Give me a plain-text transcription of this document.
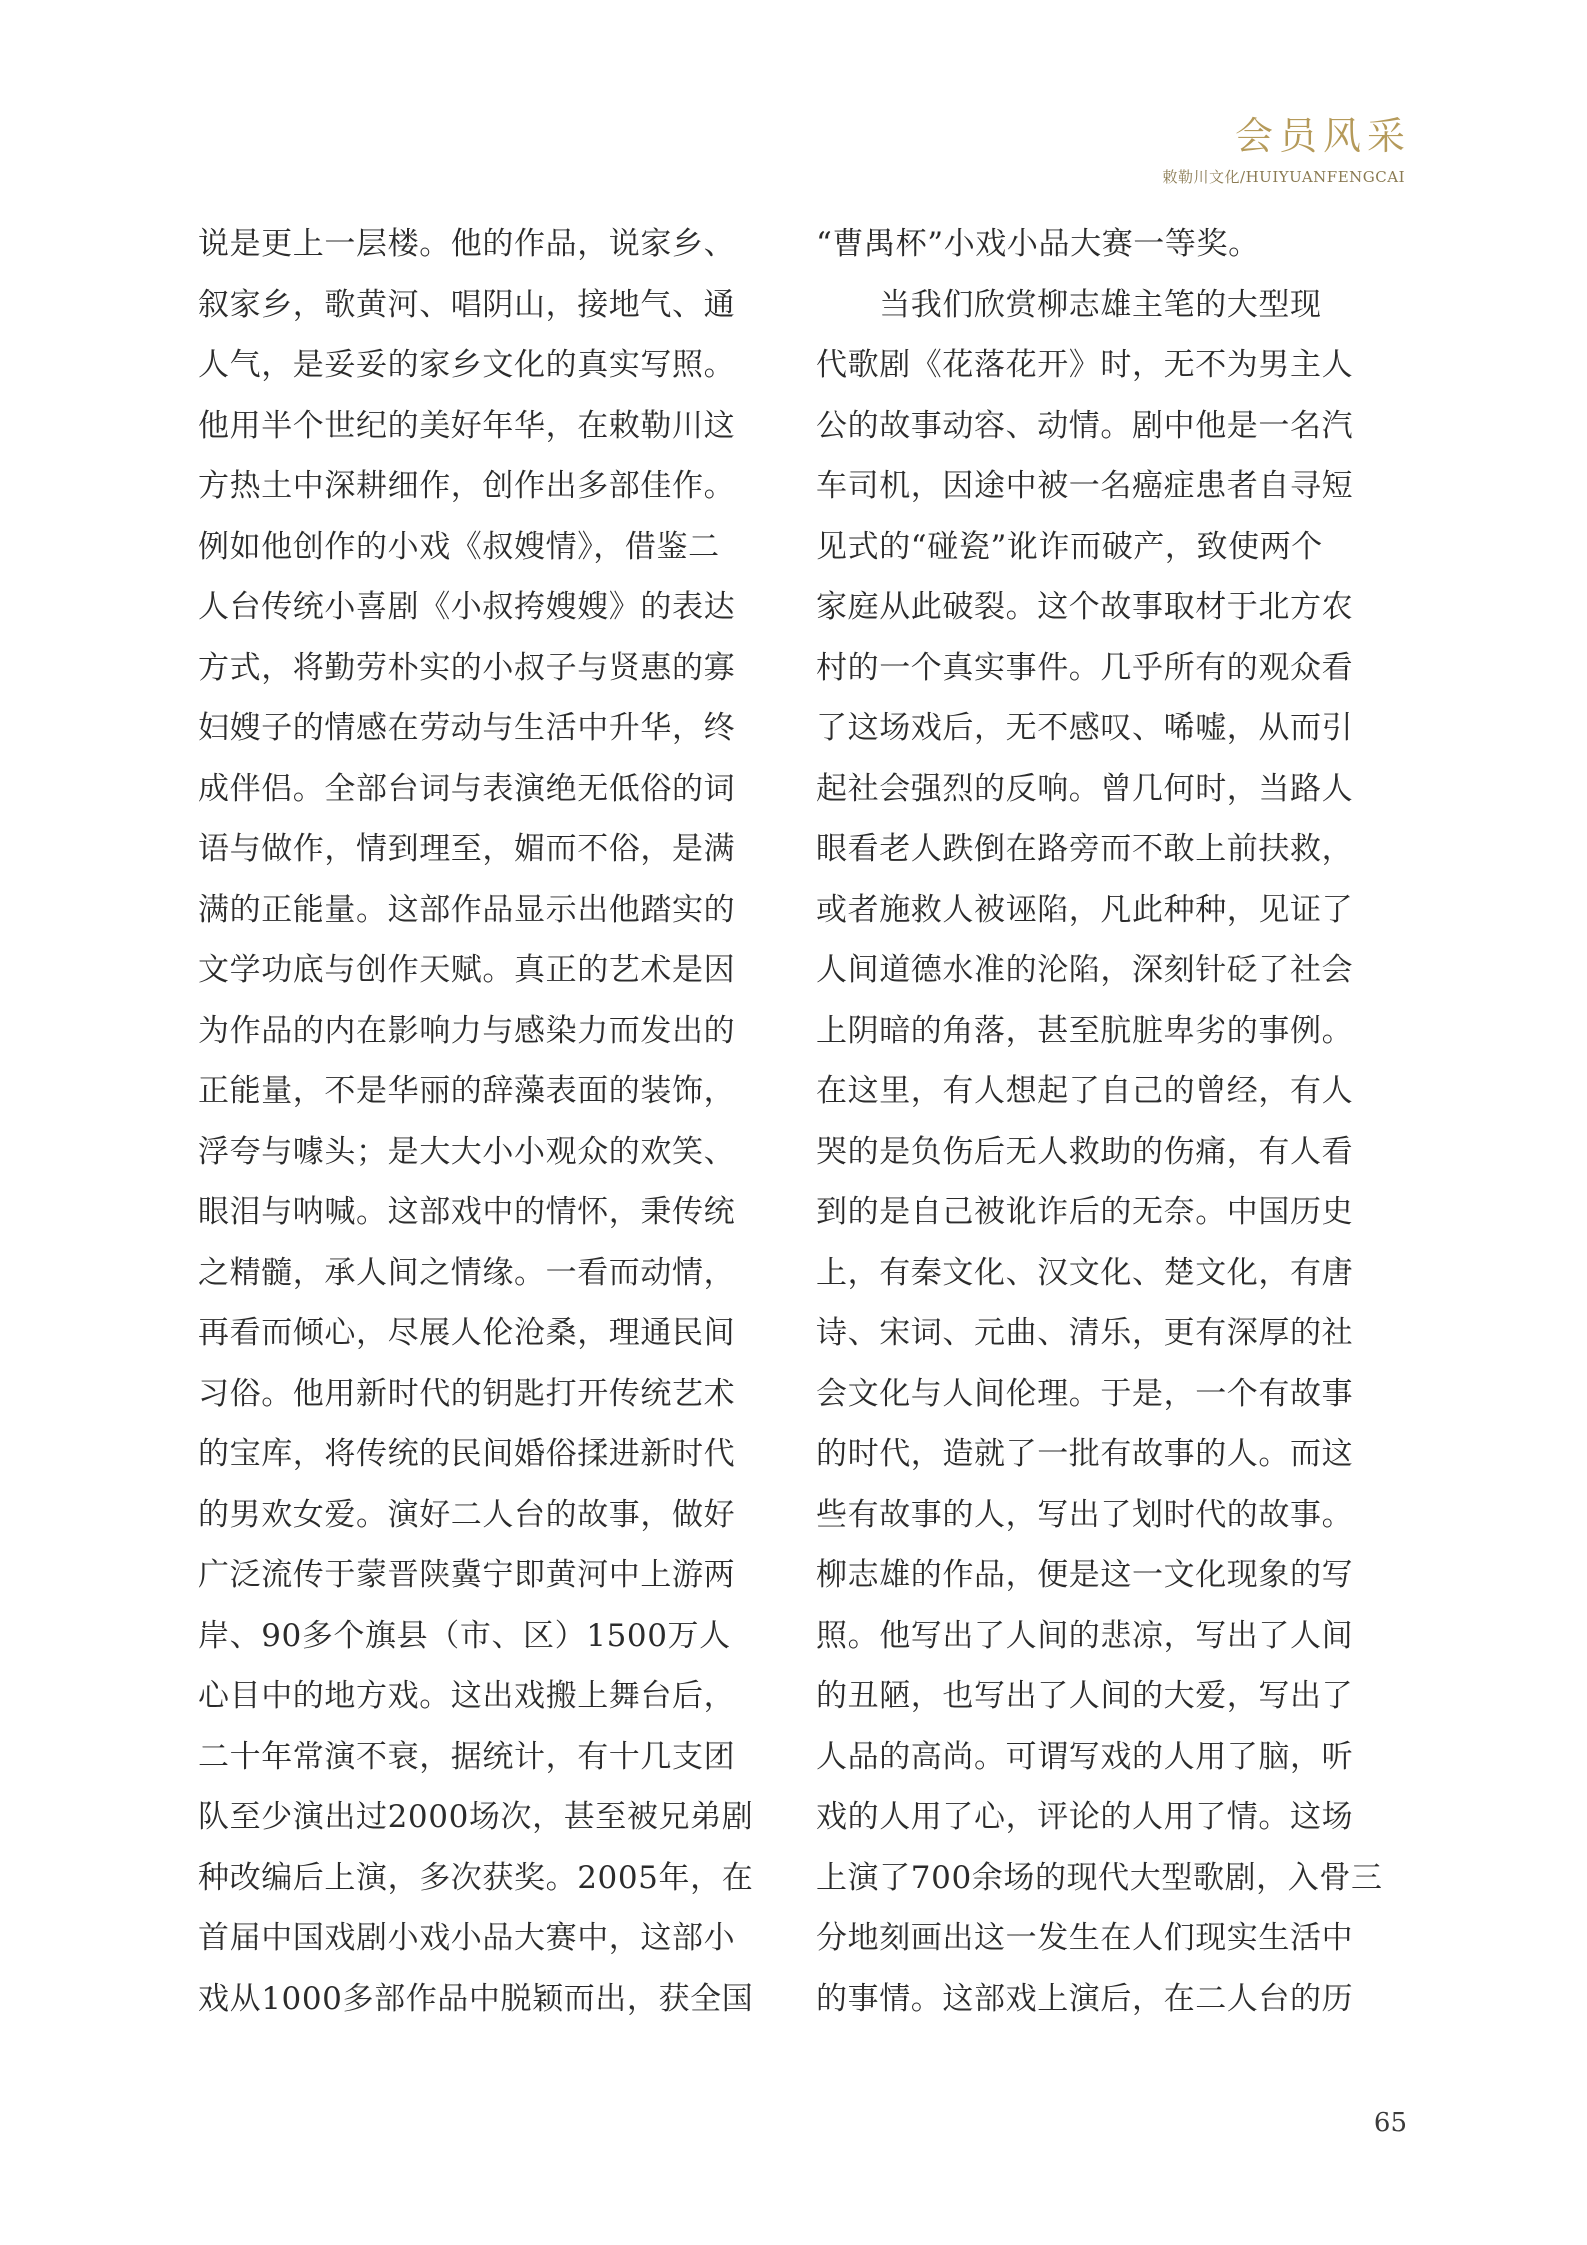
会员风采
敕勒川文化/HUIYUANFENGCAI
说是更上一层楼。他的作品，说家乡、
叙家乡，歌黄河、唱阴山，接地气、通
人气，是妥妥的家乡文化的真实写照。
他用半个世纪的美好年华，在敕勒川这
方热土中深耕细作，创作出多部佳作。
例如他创作的小戏《叔嫂情》，借鉴二
人台传统小喜剧《小叔挎嫂嫂》的表达
方式，将勤劳朴实的小叔子与贤惠的寡
妇嫂子的情感在劳动与生活中升华，终
成伴侣。全部台词与表演绝无低俗的词
语与做作，情到理至，媚而不俗，是满
满的正能量。这部作品显示出他踏实的
文学功底与创作天赋。真正的艺术是因
为作品的内在影响力与感染力而发出的
正能量，不是华丽的辞藻表面的装饰，
浮夸与噱头；是大大小小观众的欢笑、
眼泪与呐喊。这部戏中的情怀，秉传统
之精髓，承人间之情缘。一看而动情，
再看而倾心，尽展人伦沧桑，理通民间
习俗。他用新时代的钥匙打开传统艺术
的宝库，将传统的民间婚俗揉进新时代
的男欢女爱。演好二人台的故事，做好
广泛流传于蒙晋陕冀宁即黄河中上游两
岸、90多个旗县（市、区）1500万人
心目中的地方戏。这出戏搬上舞台后，
二十年常演不衰，据统计，有十几支团
队至少演出过2000场次，甚至被兄弟剧
种改编后上演，多次获奖。2005年，在
首届中国戏剧小戏小品大赛中，这部小
戏从1000多部作品中脱颖而出，获全国
“曹禺杯”小戏小品大赛一等奖。
　　当我们欣赏柳志雄主笔的大型现
代歌剧《花落花开》时，无不为男主人
公的故事动容、动情。剧中他是一名汽
车司机，因途中被一名癌症患者自寻短
见式的“碰瓷”讹诈而破产，致使两个
家庭从此破裂。这个故事取材于北方农
村的一个真实事件。几乎所有的观众看
了这场戏后，无不感叹、唏嘘，从而引
起社会强烈的反响。曾几何时，当路人
眼看老人跌倒在路旁而不敢上前扶救，
或者施救人被诬陷，凡此种种，见证了
人间道德水准的沦陷，深刻针砭了社会
上阴暗的角落，甚至肮脏卑劣的事例。
在这里，有人想起了自己的曾经，有人
哭的是负伤后无人救助的伤痛，有人看
到的是自己被讹诈后的无奈。中国历史
上，有秦文化、汉文化、楚文化，有唐
诗、宋词、元曲、清乐，更有深厚的社
会文化与人间伦理。于是，一个有故事
的时代，造就了一批有故事的人。而这
些有故事的人，写出了划时代的故事。
柳志雄的作品，便是这一文化现象的写
照。他写出了人间的悲凉，写出了人间
的丑陋，也写出了人间的大爱，写出了
人品的高尚。可谓写戏的人用了脑，听
戏的人用了心，评论的人用了情。这场
上演了700余场的现代大型歌剧，入骨三
分地刻画出这一发生在人们现实生活中
的事情。这部戏上演后，在二人台的历
65
